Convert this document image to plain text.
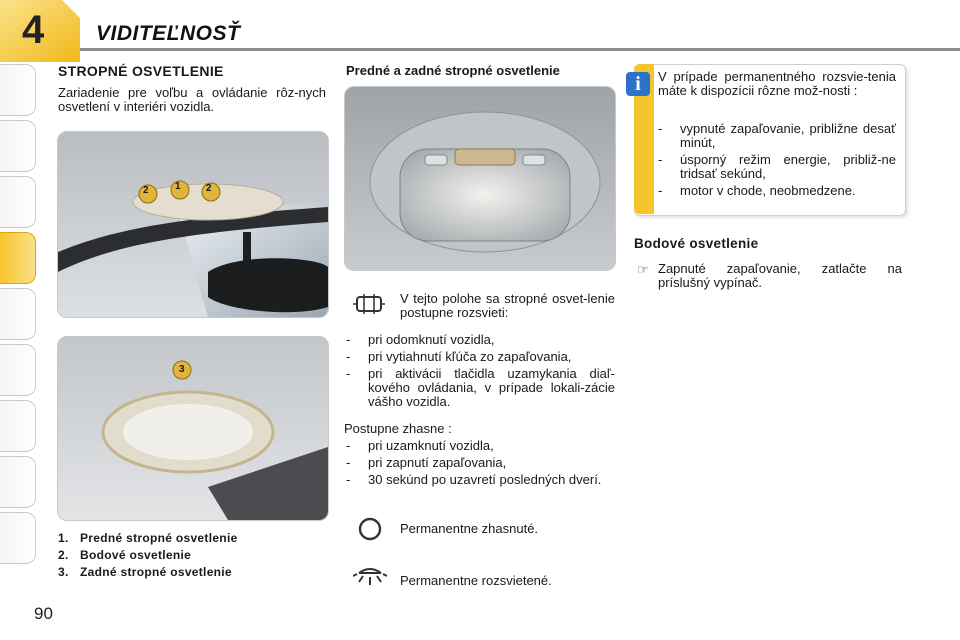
4 VIDITEĽNOSŤ
90
STROPNÉ OSVETLENIE
Zariadenie pre voľbu a ovládanie rôz-nych osvetlení v interiéri vozidla.
2	1	2
3
1. Predné stropné osvetlenie
2. Bodové osvetlenie
3. Zadné stropné osvetlenie
Predné a zadné stropné osvetlenie
V tejto polohe sa stropné osvet-lenie postupne rozsvieti:
- pri odomknutí vozidla,
- pri vytiahnutí kľúča zo zapaľovania,
- pri aktivácii tlačidla uzamykania diaľ-kového ovládania, v prípade lokali-zácie vášho vozidla.
Postupne zhasne :
- pri uzamknutí vozidla,
- pri zapnutí zapaľovania,
- 30 sekúnd po uzavretí posledných dverí.
Permanentne zhasnuté.
Permanentne rozsvietené.
i	V prípade permanentného rozsvie-tenia máte k dispozícii rôzne mož-nosti :
- vypnuté zapaľovanie, približne desať minút,
- úsporný režim energie, približ-ne tridsať sekúnd,
- motor v chode, neobmedzene.
Bodové osvetlenie
☞ Zapnuté zapaľovanie, zatlačte na príslušný vypínač.
